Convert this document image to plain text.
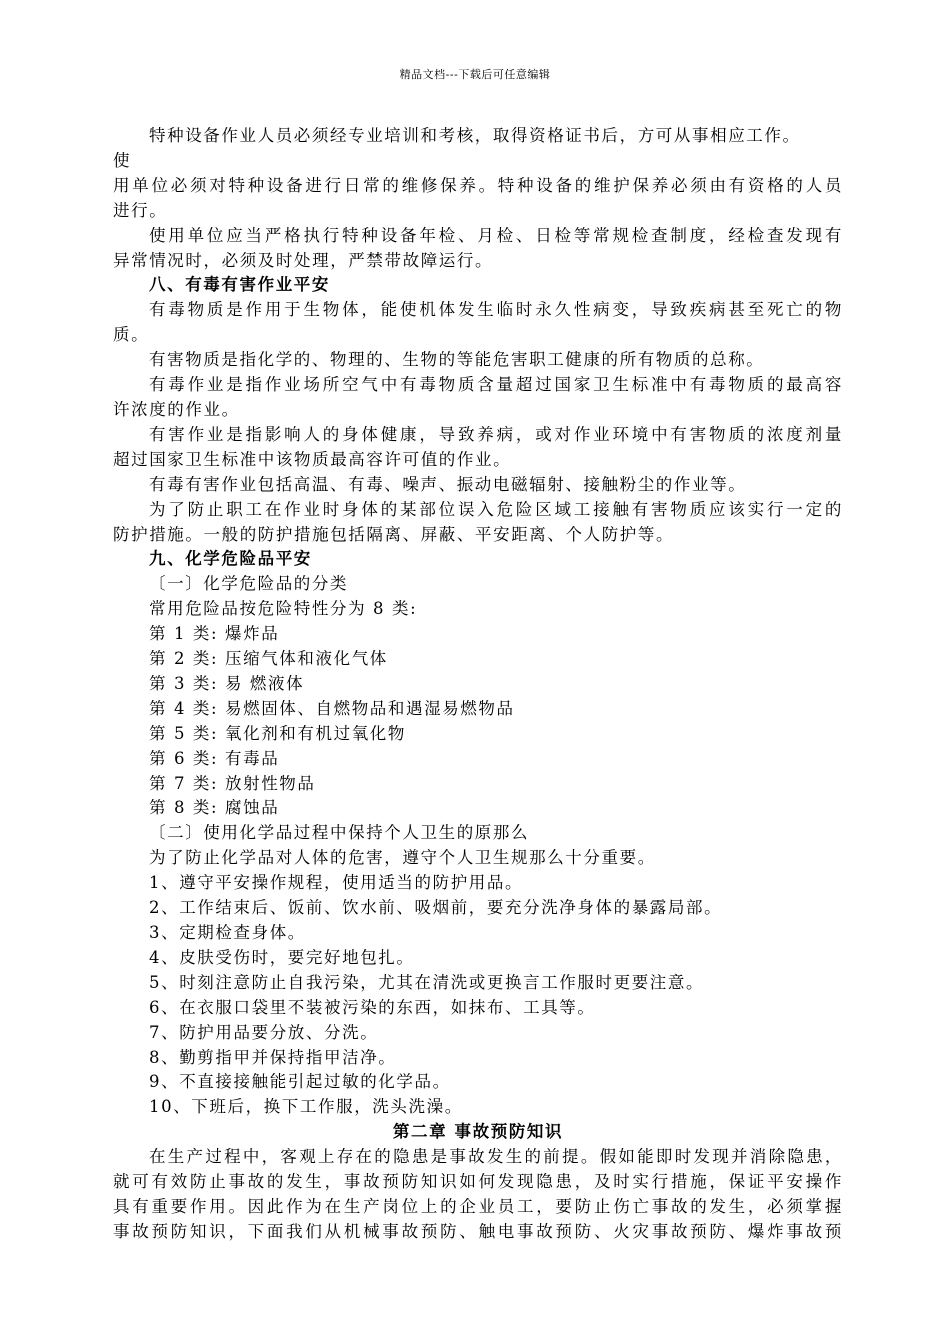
精品文档---下载后可任意编辑

特种设备作业人员必须经专业培训和考核，取得资格证书后，方可从事相应工作。

使

用单位必须对特种设备进行日常的维修保养。特种设备的维护保养必须由有资格的人员

进行。

使用单位应当严格执行特种设备年检、月检、日检等常规检查制度，经检查发现有

异常情况时，必须及时处理，严禁带故障运行。

八、有毒有害作业平安

有毒物质是作用于生物体，能使机体发生临时永久性病变，导致疾病甚至死亡的物

质。

有害物质是指化学的、物理的、生物的等能危害职工健康的所有物质的总称。

有毒作业是指作业场所空气中有毒物质含量超过国家卫生标准中有毒物质的最高容

许浓度的作业。

有害作业是指影响人的身体健康，导致养病，或对作业环境中有害物质的浓度剂量

超过国家卫生标准中该物质最高容许可值的作业。

有毒有害作业包括高温、有毒、噪声、振动电磁辐射、接触粉尘的作业等。

为了防止职工在作业时身体的某部位误入危险区域工接触有害物质应该实行一定的

防护措施。一般的防护措施包括隔离、屏蔽、平安距离、个人防护等。

九、化学危险品平安

〔一〕化学危险品的分类

常用危险品按危险特性分为 8 类:

第 1 类: 爆炸品

第 2 类: 压缩气体和液化气体

第 3 类: 易 燃液体

第 4 类: 易燃固体、自燃物品和遇湿易燃物品

第 5 类: 氧化剂和有机过氧化物

第 6 类: 有毒品

第 7 类: 放射性物品

第 8 类: 腐蚀品

〔二〕使用化学品过程中保持个人卫生的原那么

为了防止化学品对人体的危害，遵守个人卫生规那么十分重要。

1、遵守平安操作规程，使用适当的防护用品。

2、工作结束后、饭前、饮水前、吸烟前，要充分洗净身体的暴露局部。

3、定期检查身体。

4、皮肤受伤时，要完好地包扎。

5、时刻注意防止自我污染，尤其在清洗或更换言工作服时更要注意。

6、在衣服口袋里不装被污染的东西，如抹布、工具等。

7、防护用品要分放、分洗。

8、勤剪指甲并保持指甲洁净。

9、不直接接触能引起过敏的化学品。

10、下班后，换下工作服，洗头洗澡。

第二章 事故预防知识

在生产过程中，客观上存在的隐患是事故发生的前提。假如能即时发现并消除隐患，

就可有效防止事故的发生，事故预防知识如何发现隐患，及时实行措施，保证平安操作

具有重要作用。因此作为在生产岗位上的企业员工，要防止伤亡事故的发生，必须掌握

事故预防知识，下面我们从机械事故预防、触电事故预防、火灾事故预防、爆炸事故预
